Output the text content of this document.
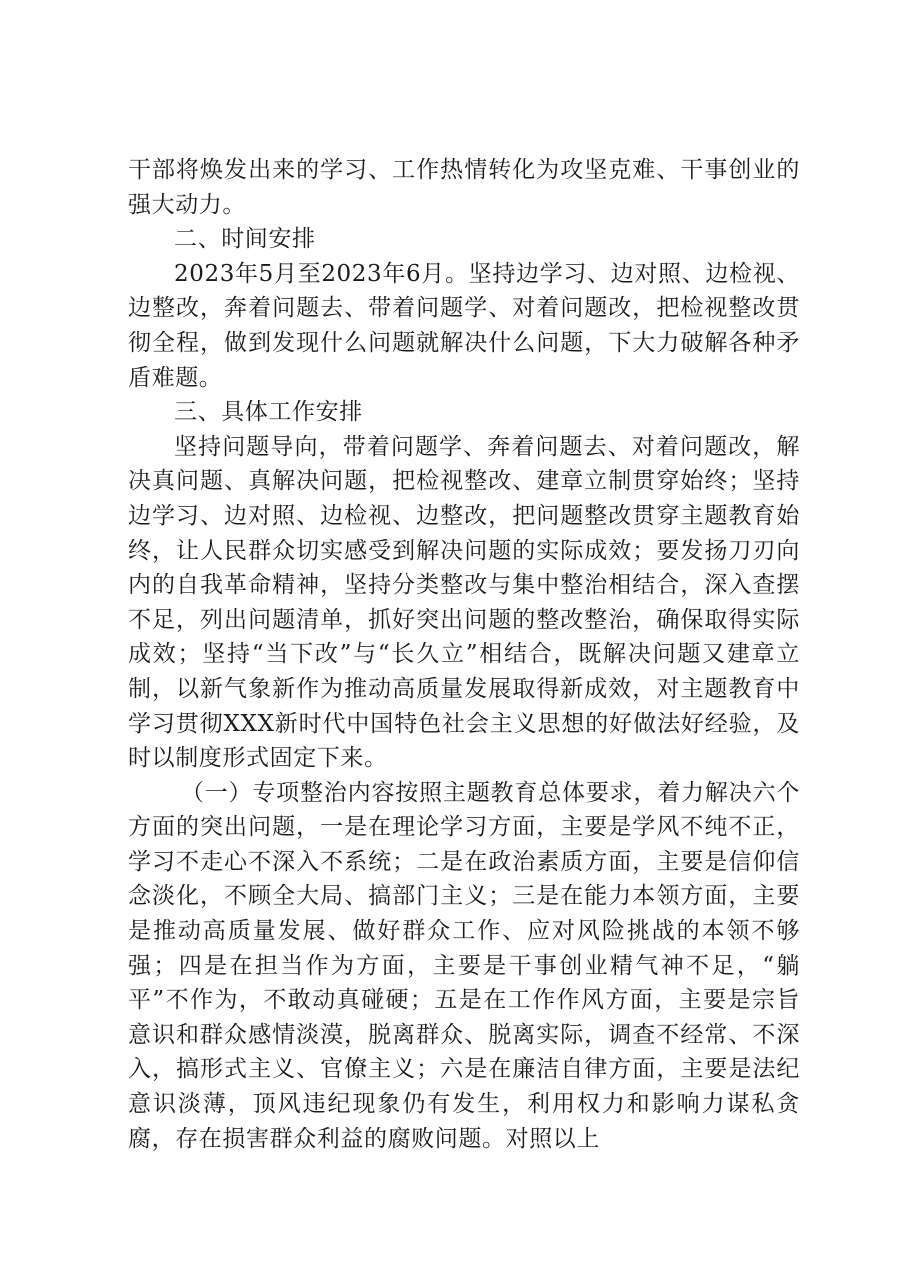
干部将焕发出来的学习、工作热情转化为攻坚克难、干事创业的强大动力。

二、时间安排

2023年5月至2023年6月。坚持边学习、边对照、边检视、边整改，奔着问题去、带着问题学、对着问题改，把检视整改贯彻全程，做到发现什么问题就解决什么问题，下大力破解各种矛盾难题。

三、具体工作安排

坚持问题导向，带着问题学、奔着问题去、对着问题改，解决真问题、真解决问题，把检视整改、建章立制贯穿始终；坚持边学习、边对照、边检视、边整改，把问题整改贯穿主题教育始终，让人民群众切实感受到解决问题的实际成效；要发扬刀刃向内的自我革命精神，坚持分类整改与集中整治相结合，深入查摆不足，列出问题清单，抓好突出问题的整改整治，确保取得实际成效；坚持“当下改”与“长久立”相结合，既解决问题又建章立制，以新气象新作为推动高质量发展取得新成效，对主题教育中学习贯彻XXX新时代中国特色社会主义思想的好做法好经验，及时以制度形式固定下来。

（一）专项整治内容按照主题教育总体要求，着力解决六个方面的突出问题，一是在理论学习方面，主要是学风不纯不正，学习不走心不深入不系统；二是在政治素质方面，主要是信仰信念淡化，不顾全大局、搞部门主义；三是在能力本领方面，主要是推动高质量发展、做好群众工作、应对风险挑战的本领不够强；四是在担当作为方面，主要是干事创业精气神不足，“躺平”不作为，不敢动真碰硬；五是在工作作风方面，主要是宗旨意识和群众感情淡漠，脱离群众、脱离实际，调查不经常、不深入，搞形式主义、官僚主义；六是在廉洁自律方面，主要是法纪意识淡薄，顶风违纪现象仍有发生，利用权力和影响力谋私贪腐，存在损害群众利益的腐败问题。对照以上
